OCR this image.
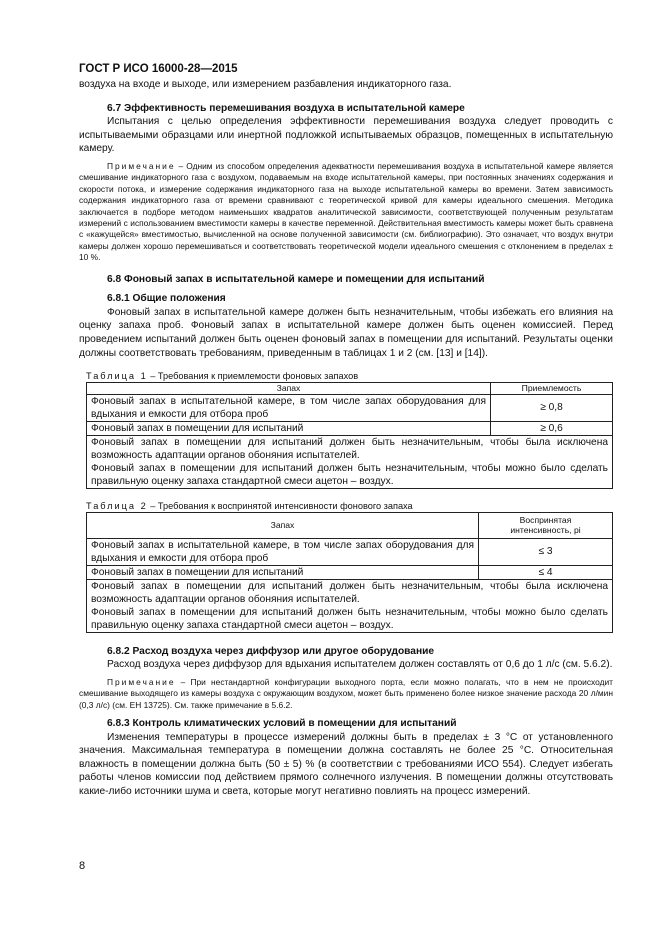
ГОСТ Р ИСО 16000-28—2015

воздуха на входе и выходе, или измерением разбавления индикаторного газа.

6.7 Эффективность перемешивания воздуха в испытательной камере

Испытания с целью определения эффективности перемешивания воздуха следует проводить с испытываемыми образцами или инертной подложкой испытываемых образцов, помещенных в испытательную камеру.

Примечание – Одним из способом определения адекватности перемешивания воздуха в испытательной камере является смешивание индикаторного газа с воздухом, подаваемым на входе испытательной камеры, при постоянных значениях содержания и скорости потока, и измерение содержания индикаторного газа на выходе испытательной камеры во времени. Затем зависимость содержания индикаторного газа от времени сравнивают с теоретической кривой для камеры идеального смешения. Методика заключается в подборе методом наименьших квадратов аналитической зависимости, соответствующей полученным результатам измерений с использованием вместимости камеры в качестве переменной. Действительная вместимость камеры может быть сравнена с «кажущейся» вместимостью, вычисленной на основе полученной зависимости (см. библиографию). Это означает, что воздух внутри камеры должен хорошо перемешиваться и соответствовать теоретической модели идеального смешения с отклонением в пределах ± 10 %.

6.8 Фоновый запах в испытательной камере и помещении для испытаний

6.8.1 Общие положения

Фоновый запах в испытательной камере должен быть незначительным, чтобы избежать его влияния на оценку запаха проб. Фоновый запах в испытательной камере должен быть оценен комиссией. Перед проведением испытаний должен быть оценен фоновый запах в помещении для испытаний. Результаты оценки должны соответствовать требованиям, приведенным в таблицах 1 и 2 (см. [13] и [14]).

Таблица 1 – Требования к приемлемости фоновых запахов

Запах	Приемлемость
Фоновый запах в испытательной камере, в том числе запах оборудования для вдыхания и емкости для отбора проб	≥ 0,8
Фоновый запах в помещении для испытаний	≥ 0,6

Фоновый запах в помещении для испытаний должен быть незначительным, чтобы была исключена возможность адаптации органов обоняния испытателей.

Фоновый запах в помещении для испытаний должен быть незначительным, чтобы можно было сделать правильную оценку запаха стандартной смеси ацетон – воздух.	

Таблица 2 – Требования к воспринятой интенсивности фонового запаха

Запах	Воспринятая интенсивность, pi
Фоновый запах в испытательной камере, в том числе запах оборудования для вдыхания и емкости для отбора проб	≤ 3
Фоновый запах в помещении для испытаний	≤ 4

Фоновый запах в помещении для испытаний должен быть незначительным, чтобы была исключена возможность адаптации органов обоняния испытателей.

Фоновый запах в помещении для испытаний должен быть незначительным, чтобы можно было сделать правильную оценку запаха стандартной смеси ацетон – воздух.	

6.8.2 Расход воздуха через диффузор или другое оборудование

Расход воздуха через диффузор для вдыхания испытателем должен составлять от 0,6 до 1 л/с (см. 5.6.2).

Примечание – При нестандартной конфигурации выходного порта, если можно полагать, что в нем не происходит смешивание выходящего из камеры воздуха с окружающим воздухом, может быть применено более низкое значение расхода 20 л/мин (0,3 л/с) (см. ЕН 13725). См. также примечание в 5.6.2.

6.8.3 Контроль климатических условий в помещении для испытаний

Изменения температуры в процессе измерений должны быть в пределах ± 3 °C от установленного значения. Максимальная температура в помещении должна составлять не более 25 °C. Относительная влажность в помещении должна быть (50 ± 5) % (в соответствии с требованиями ИСО 554). Следует избегать работы членов комиссии под действием прямого солнечного излучения. В помещении должны отсутствовать какие-либо источники шума и света, которые могут негативно повлиять на процесс измерений.

8
